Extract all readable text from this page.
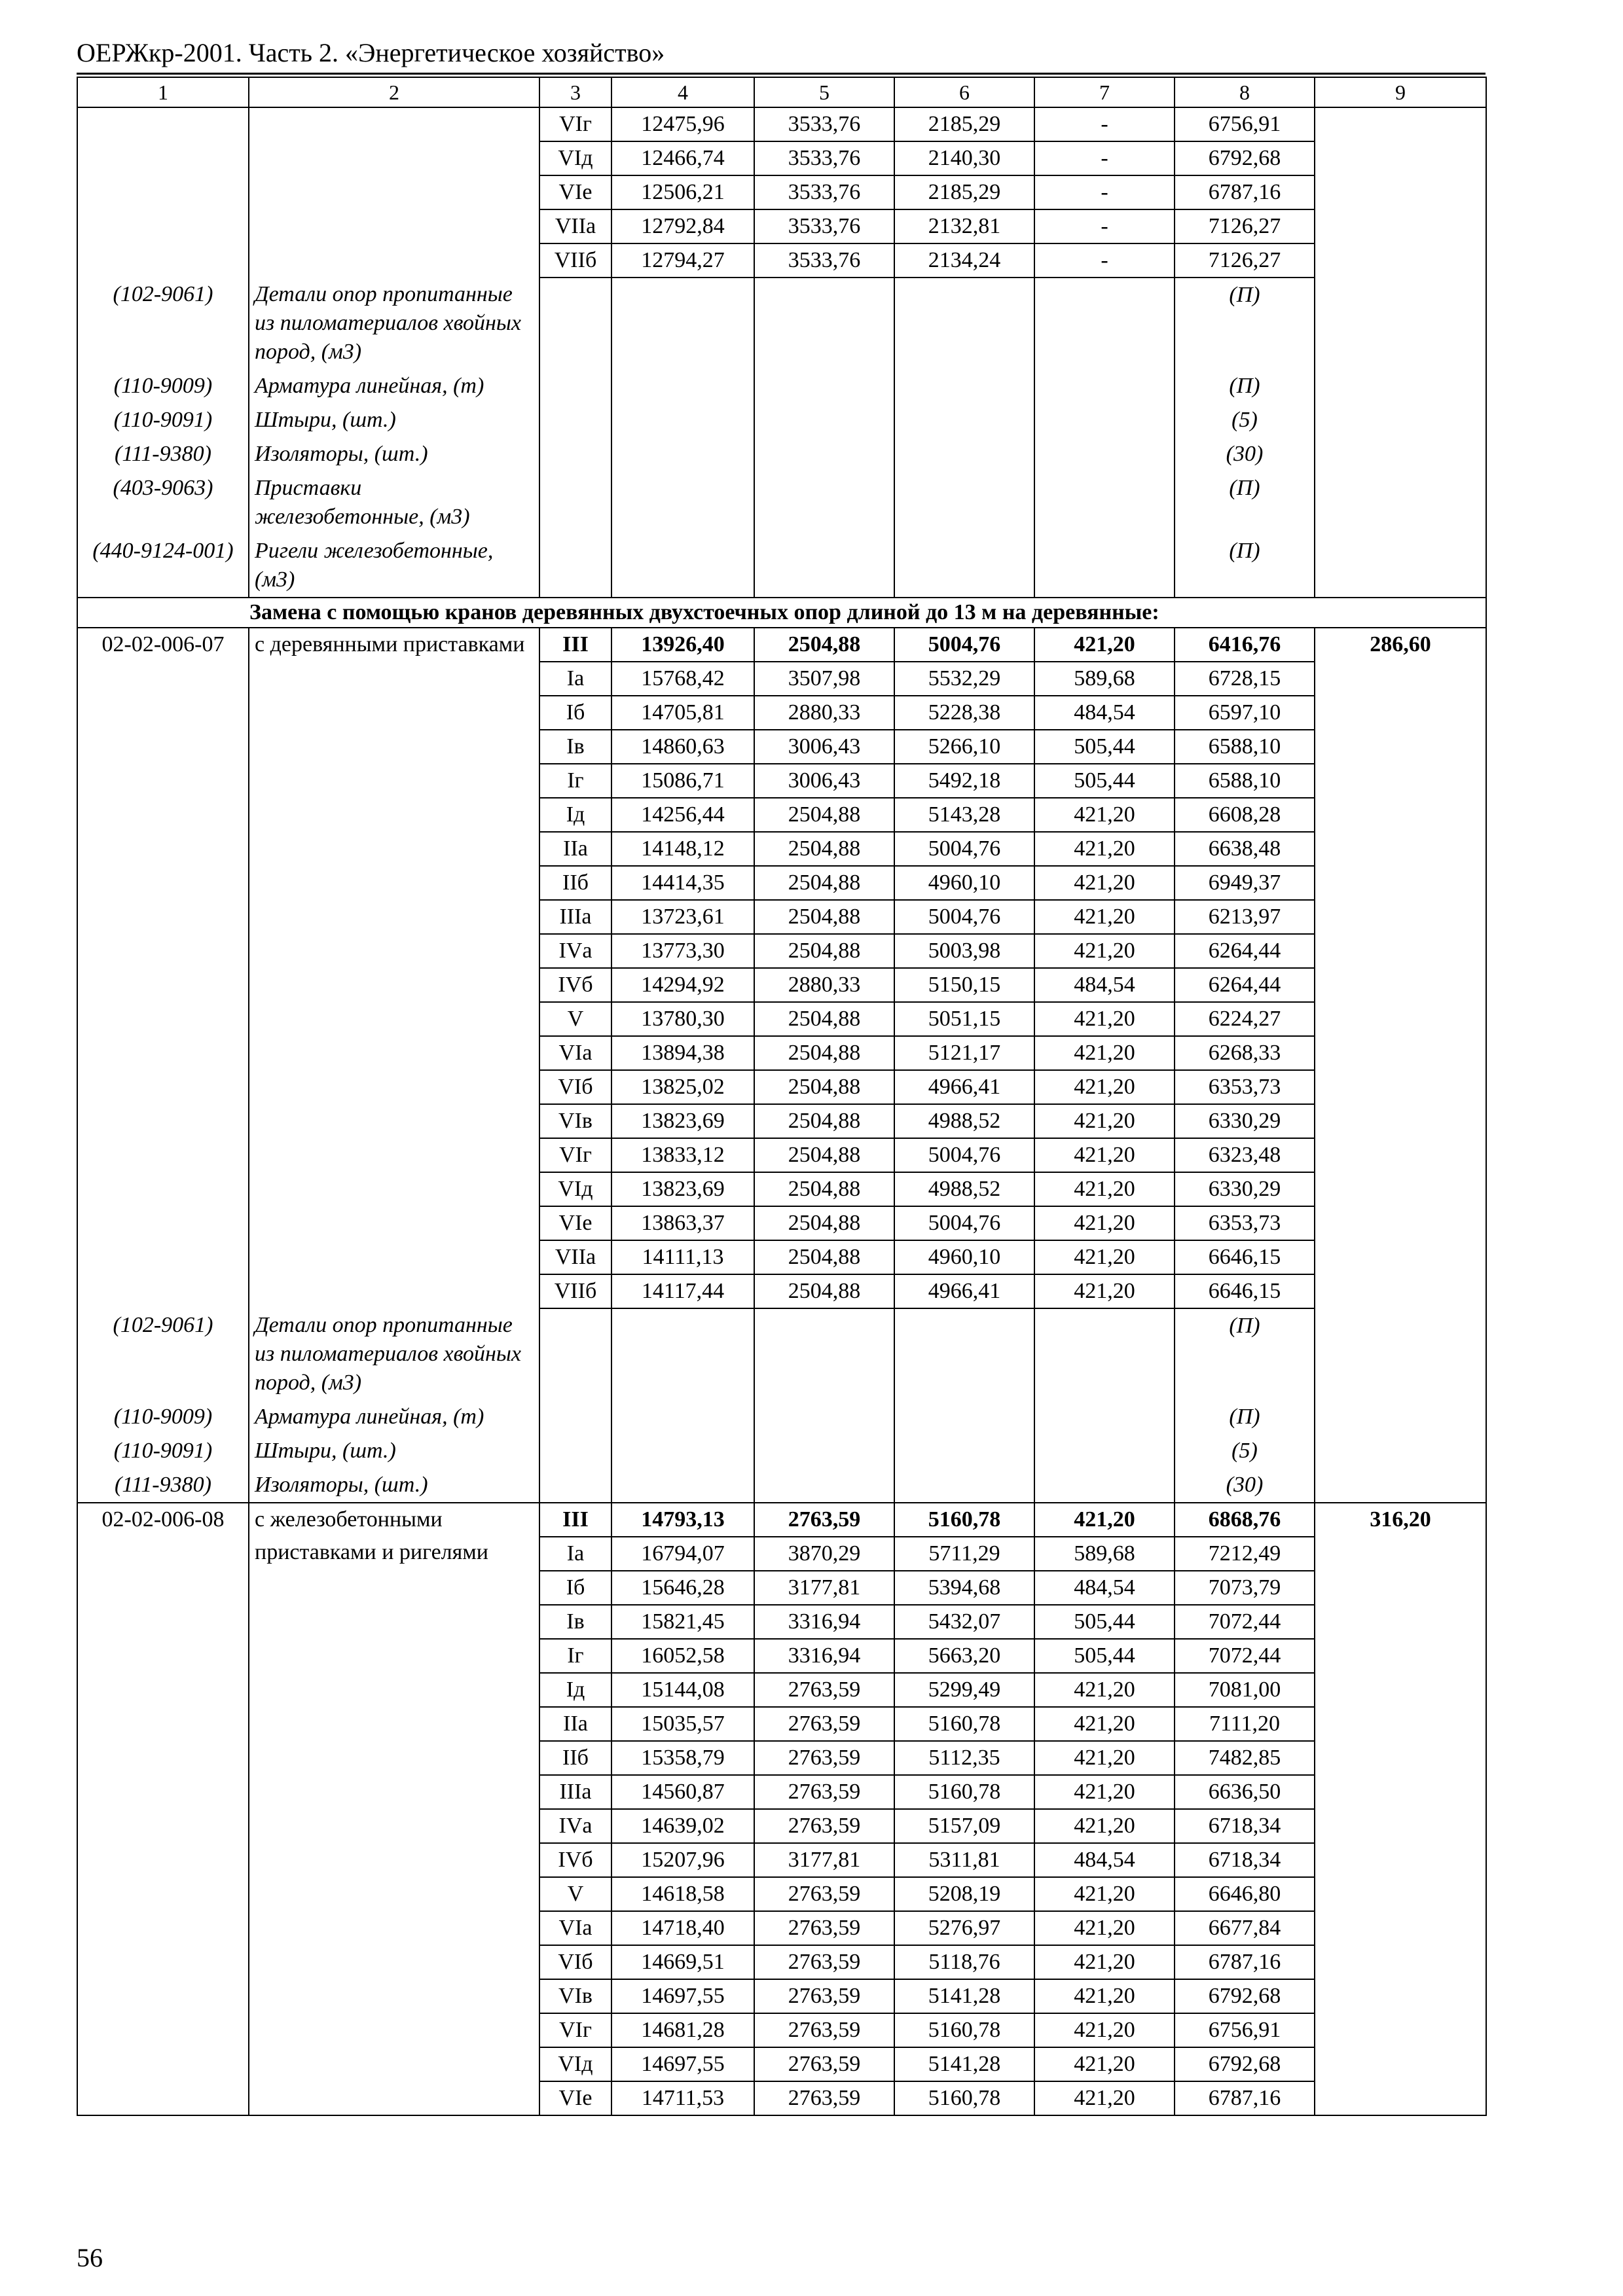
ОЕРЖкр-2001. Часть 2. «Энергетическое хозяйство»
1	2	3	4	5	6	7	8	9
		VIг	12475,96	3533,76	2185,29	-	6756,91	
		VIд	12466,74	3533,76	2140,30	-	6792,68	
		VIе	12506,21	3533,76	2185,29	-	6787,16	
		VIIа	12792,84	3533,76	2132,81	-	7126,27	
		VIIб	12794,27	3533,76	2134,24	-	7126,27	
(102-9061)	Детали опор пропитанные из пиломатериалов хвойных пород, (м3)						(П)	
(110-9009)	Арматура линейная, (т)						(П)	
(110-9091)	Штыри, (шт.)						(5)	
(111-9380)	Изоляторы, (шт.)						(30)	
(403-9063)	Приставки железобетонные, (м3)						(П)	
(440-9124-001)	Ригели железобетонные, (м3)						(П)	
Замена с помощью кранов деревянных двухстоечных опор длиной до 13 м на деревянные:								
02-02-006-07	с деревянными приставками	III	13926,40	2504,88	5004,76	421,20	6416,76	286,60
		Iа	15768,42	3507,98	5532,29	589,68	6728,15	
		Iб	14705,81	2880,33	5228,38	484,54	6597,10	
		Iв	14860,63	3006,43	5266,10	505,44	6588,10	
		Iг	15086,71	3006,43	5492,18	505,44	6588,10	
		Iд	14256,44	2504,88	5143,28	421,20	6608,28	
		IIа	14148,12	2504,88	5004,76	421,20	6638,48	
		IIб	14414,35	2504,88	4960,10	421,20	6949,37	
		IIIа	13723,61	2504,88	5004,76	421,20	6213,97	
		IVа	13773,30	2504,88	5003,98	421,20	6264,44	
		IVб	14294,92	2880,33	5150,15	484,54	6264,44	
		V	13780,30	2504,88	5051,15	421,20	6224,27	
		VIа	13894,38	2504,88	5121,17	421,20	6268,33	
		VIб	13825,02	2504,88	4966,41	421,20	6353,73	
		VIв	13823,69	2504,88	4988,52	421,20	6330,29	
		VIг	13833,12	2504,88	5004,76	421,20	6323,48	
		VIд	13823,69	2504,88	4988,52	421,20	6330,29	
		VIе	13863,37	2504,88	5004,76	421,20	6353,73	
		VIIа	14111,13	2504,88	4960,10	421,20	6646,15	
		VIIб	14117,44	2504,88	4966,41	421,20	6646,15	
(102-9061)	Детали опор пропитанные из пиломатериалов хвойных пород, (м3)						(П)	
(110-9009)	Арматура линейная, (т)						(П)	
(110-9091)	Штыри, (шт.)						(5)	
(111-9380)	Изоляторы, (шт.)						(30)	
02-02-006-08	с железобетонными приставками и ригелями	III	14793,13	2763,59	5160,78	421,20	6868,76	316,20
		Iа	16794,07	3870,29	5711,29	589,68	7212,49	
		Iб	15646,28	3177,81	5394,68	484,54	7073,79	
		Iв	15821,45	3316,94	5432,07	505,44	7072,44	
		Iг	16052,58	3316,94	5663,20	505,44	7072,44	
		Iд	15144,08	2763,59	5299,49	421,20	7081,00	
		IIа	15035,57	2763,59	5160,78	421,20	7111,20	
		IIб	15358,79	2763,59	5112,35	421,20	7482,85	
		IIIа	14560,87	2763,59	5160,78	421,20	6636,50	
		IVа	14639,02	2763,59	5157,09	421,20	6718,34	
		IVб	15207,96	3177,81	5311,81	484,54	6718,34	
		V	14618,58	2763,59	5208,19	421,20	6646,80	
		VIа	14718,40	2763,59	5276,97	421,20	6677,84	
		VIб	14669,51	2763,59	5118,76	421,20	6787,16	
		VIв	14697,55	2763,59	5141,28	421,20	6792,68	
		VIг	14681,28	2763,59	5160,78	421,20	6756,91	
		VIд	14697,55	2763,59	5141,28	421,20	6792,68	
		VIе	14711,53	2763,59	5160,78	421,20	6787,16	
56
